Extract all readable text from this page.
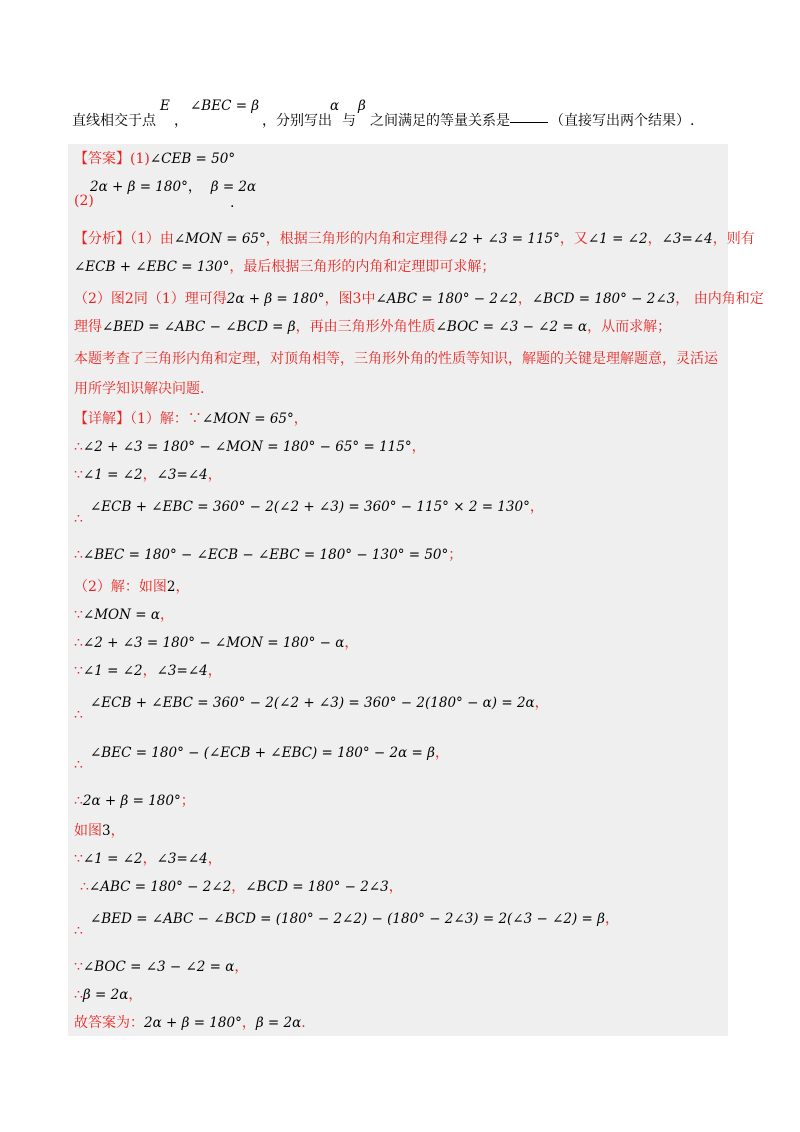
直线相交于点
E
，
∠BEC = β
，分别写出
α
与
β
之间满足的等量关系是	（直接写出两个结果）.
【答案】(1)∠CEB = 50°
2α + β = 180°， β = 2α
(2)	.
【分析】（1）由∠MON = 65°，根据三角形的内角和定理得∠2 + ∠3 = 115°，又∠1 = ∠2，∠3=∠4，则有
∠ECB + ∠EBC = 130°，最后根据三角形的内角和定理即可求解；
（2）图2同（1）理可得2α + β = 180°，图3中∠ABC = 180° − 2∠2，∠BCD = 180° − 2∠3， 由内角和定
理得∠BED = ∠ABC − ∠BCD = β，再由三角形外角性质∠BOC = ∠3 − ∠2 = α，从而求解；
本题考查了三角形内角和定理，对顶角相等，三角形外角的性质等知识，解题的关键是理解题意，灵活运
用所学知识解决问题.
【详解】（1）解：∵∠MON = 65°，
∴∠2 + ∠3 = 180° − ∠MON = 180° − 65° = 115°，
∵∠1 = ∠2，∠3=∠4，
∠ECB + ∠EBC = 360° − 2(∠2 + ∠3) = 360° − 115° × 2 = 130°，
∴
∴∠BEC = 180° − ∠ECB − ∠EBC = 180° − 130° = 50°；
（2）解：如图2，
∵∠MON = α，
∴∠2 + ∠3 = 180° − ∠MON = 180° − α，
∵∠1 = ∠2，∠3=∠4，
∠ECB + ∠EBC = 360° − 2(∠2 + ∠3) = 360° − 2(180° − α) = 2α，
∴
∠BEC = 180° − (∠ECB + ∠EBC) = 180° − 2α = β，
∴
∴2α + β = 180°；
如图3，
∵∠1 = ∠2，∠3=∠4，
∴∠ABC = 180° − 2∠2，∠BCD = 180° − 2∠3，
∠BED = ∠ABC − ∠BCD = (180° − 2∠2) − (180° − 2∠3) = 2(∠3 − ∠2) = β，
∴
∵∠BOC = ∠3 − ∠2 = α，
∴β = 2α，
故答案为：2α + β = 180°，β = 2α.
